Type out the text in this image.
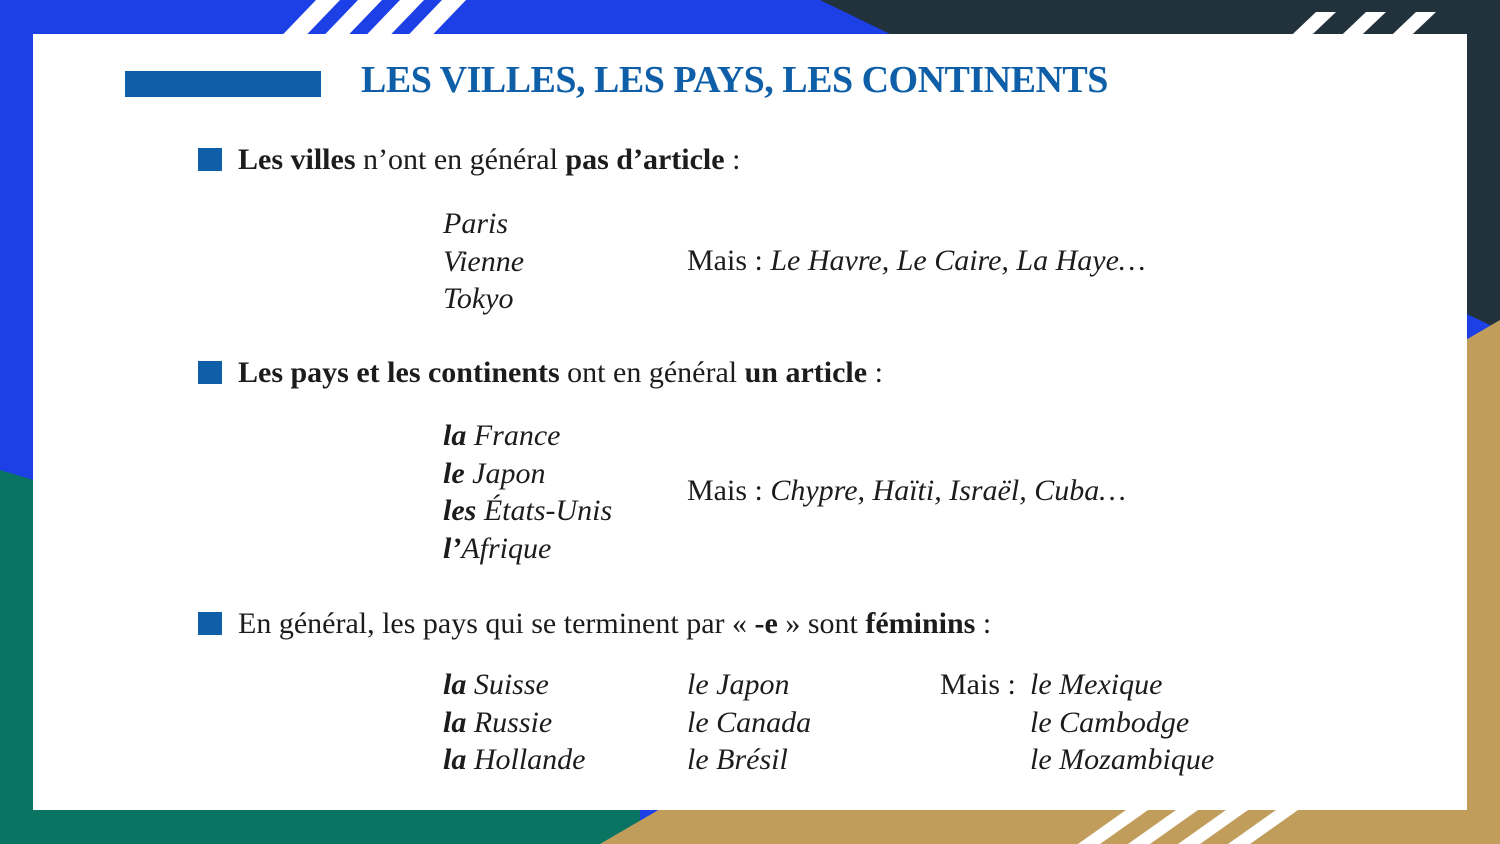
LES VILLES, LES PAYS, LES CONTINENTS
Les villes n’ont en général pas d’article :
Paris
Vienne
Tokyo
Mais : Le Havre, Le Caire, La Haye…
Les pays et les continents ont en général un article :
la France
le Japon
les États-Unis
l’Afrique
Mais : Chypre, Haïti, Israël, Cuba…
En général, les pays qui se terminent par « -e » sont féminins :
la Suisse
la Russie
la Hollande
le Japon
le Canada
le Brésil
Mais : le Mexique
le Cambodge
le Mozambique
